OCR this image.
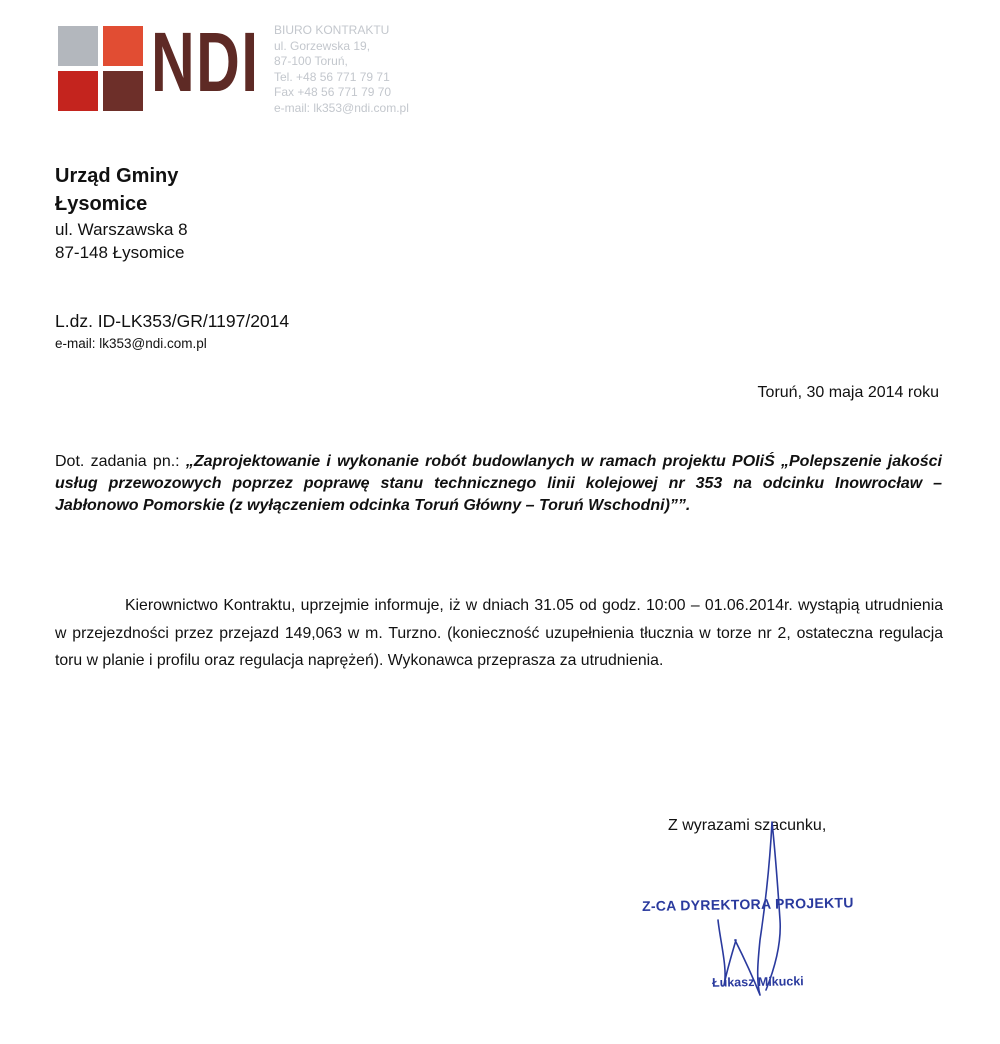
NDI BIURO KONTRAKTU
ul. Gorzewska 19,
87-100 Toruń,
Tel. +48 56 771 79 71
Fax +48 56 771 79 70
e-mail: lk353@ndi.com.pl
Urząd Gminy
Łysomice
ul. Warszawska 8
87-148 Łysomice
L.dz. ID-LK353/GR/1197/2014
e-mail: lk353@ndi.com.pl
Toruń, 30 maja 2014 roku
Dot. zadania pn.: „Zaprojektowanie i wykonanie robót budowlanych w ramach projektu POIiŚ „Polepszenie jakości usług przewozowych poprzez poprawę stanu technicznego linii kolejowej nr 353 na odcinku Inowrocław – Jabłonowo Pomorskie (z wyłączeniem odcinka Toruń Główny – Toruń Wschodni)””.
Kierownictwo Kontraktu, uprzejmie informuje, iż w dniach 31.05 od godz. 10:00 – 01.06.2014r. wystąpią utrudnienia w przejezdności przez przejazd 149,063 w m. Turzno. (konieczność uzupełnienia tłucznia w torze nr 2, ostateczna regulacja toru w planie i profilu oraz regulacja naprężeń). Wykonawca przeprasza za utrudnienia.
Z wyrazami szacunku,
Z-CA DYREKTORA PROJEKTU
Łukasz Mikucki
